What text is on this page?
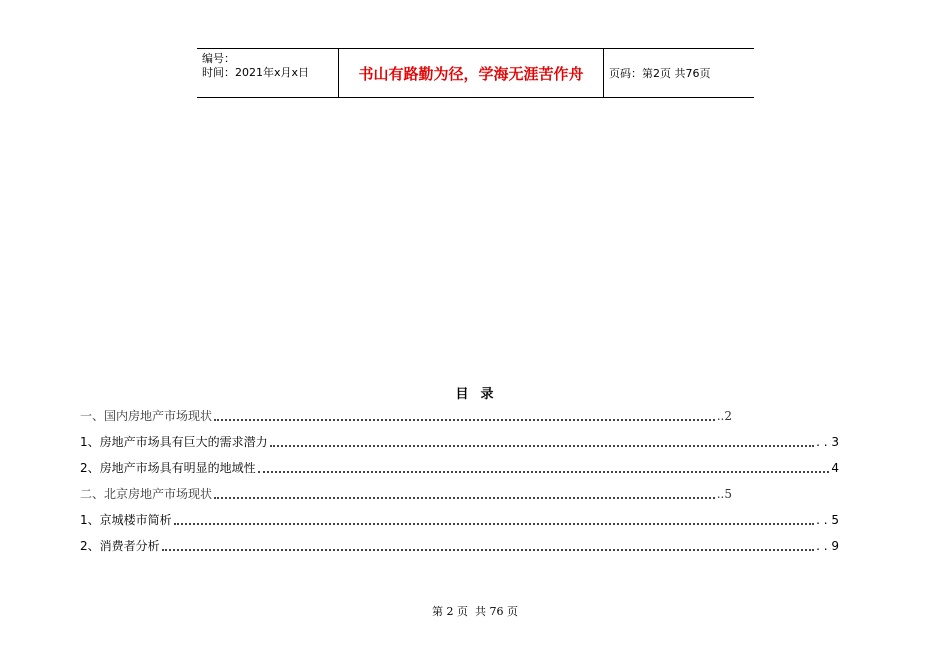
编号：
时间：2021年x月x日	书山有路勤为径，学海无涯苦作舟	页码：第2页 共76页
目  录
一、国内房地产市场现状	..2
1、房地产市场具有巨大的需求潜力	. . 3
2、房地产市场具有明显的地域性	4
二、北京房地产市场现状	..5
1、京城楼市简析	. . 5
2、消费者分析	. . 9
第 2 页  共 76 页
